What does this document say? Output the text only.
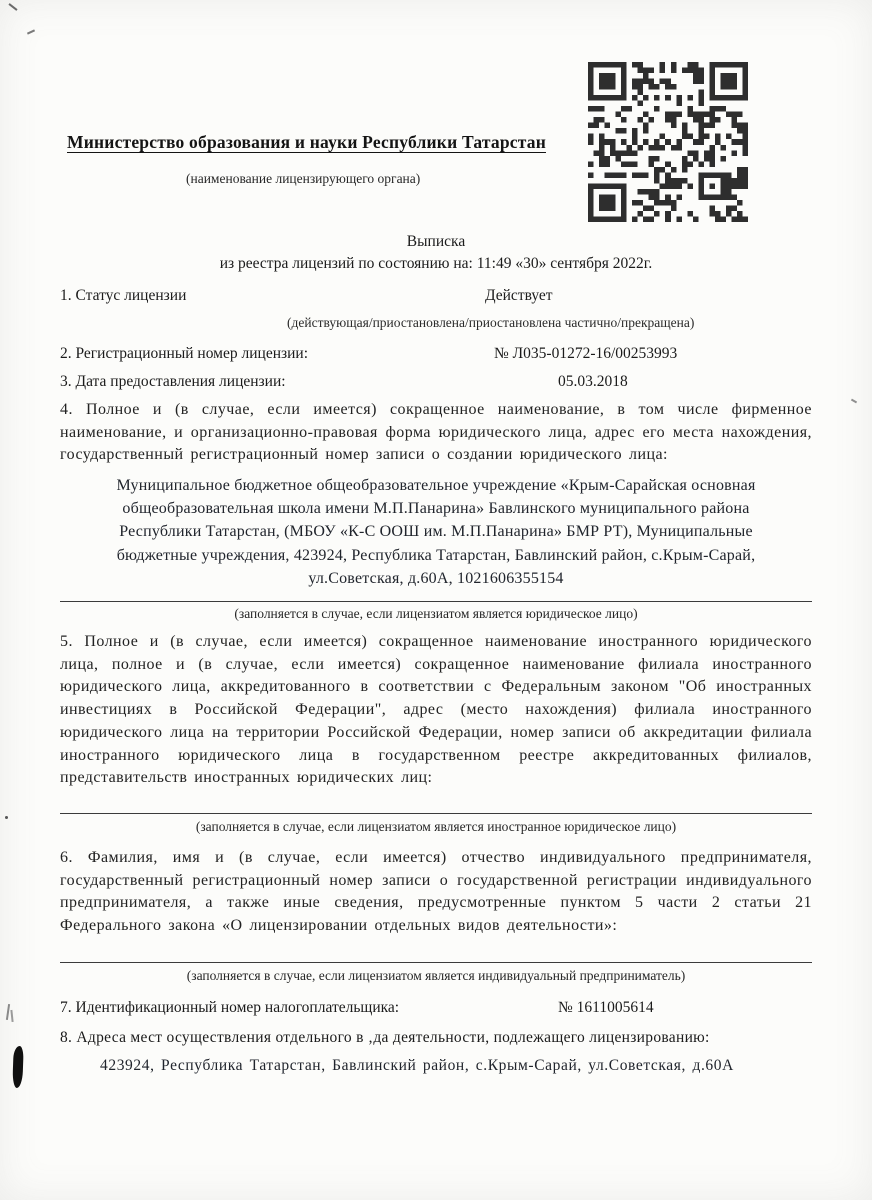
Министерство образования и науки Республики Татарстан
(наименование лицензирующего органа)
Выписка
из реестра лицензий по состоянию на: 11:49 «30» сентября 2022г.
1. Статус лицензии	Действует
(действующая/приостановлена/приостановлена частично/прекращена)
2. Регистрационный номер лицензии:	№ Л035-01272-16/00253993
3. Дата предоставления лицензии:	05.03.2018
4. Полное и (в случае, если имеется) сокращенное наименование, в том числе фирменное наименование, и организационно-правовая форма юридического лица, адрес его места нахождения, государственный регистрационный номер записи о создании юридического лица:
Муниципальное бюджетное общеобразовательное учреждение «Крым-Сарайская основная общеобразовательная школа имени М.П.Панарина» Бавлинского муниципального района Республики Татарстан, (МБОУ «К-С ООШ им. М.П.Панарина» БМР РТ), Муниципальные бюджетные учреждения, 423924, Республика Татарстан, Бавлинский район, с.Крым-Сарай, ул.Советская, д.60А, 1021606355154
(заполняется в случае, если лицензиатом является юридическое лицо)
5. Полное и (в случае, если имеется) сокращенное наименование иностранного юридического лица, полное и (в случае, если имеется) сокращенное наименование филиала иностранного юридического лица, аккредитованного в соответствии с Федеральным законом "Об иностранных инвестициях в Российской Федерации", адрес (место нахождения) филиала иностранного юридического лица на территории Российской Федерации, номер записи об аккредитации филиала иностранного юридического лица в государственном реестре аккредитованных филиалов, представительств иностранных юридических лиц:
(заполняется в случае, если лицензиатом является иностранное юридическое лицо)
6. Фамилия, имя и (в случае, если имеется) отчество индивидуального предпринимателя, государственный регистрационный номер записи о государственной регистрации индивидуального предпринимателя, а также иные сведения, предусмотренные пунктом 5 части 2 статьи 21 Федерального закона «О лицензировании отдельных видов деятельности»:
(заполняется в случае, если лицензиатом является индивидуальный предприниматель)
7. Идентификационный номер налогоплательщика:	№ 1611005614
8. Адреса мест осуществления отдельного в ‚да деятельности, подлежащего лицензированию:
423924, Республика Татарстан, Бавлинский район, с.Крым-Сарай, ул.Советская, д.60А
